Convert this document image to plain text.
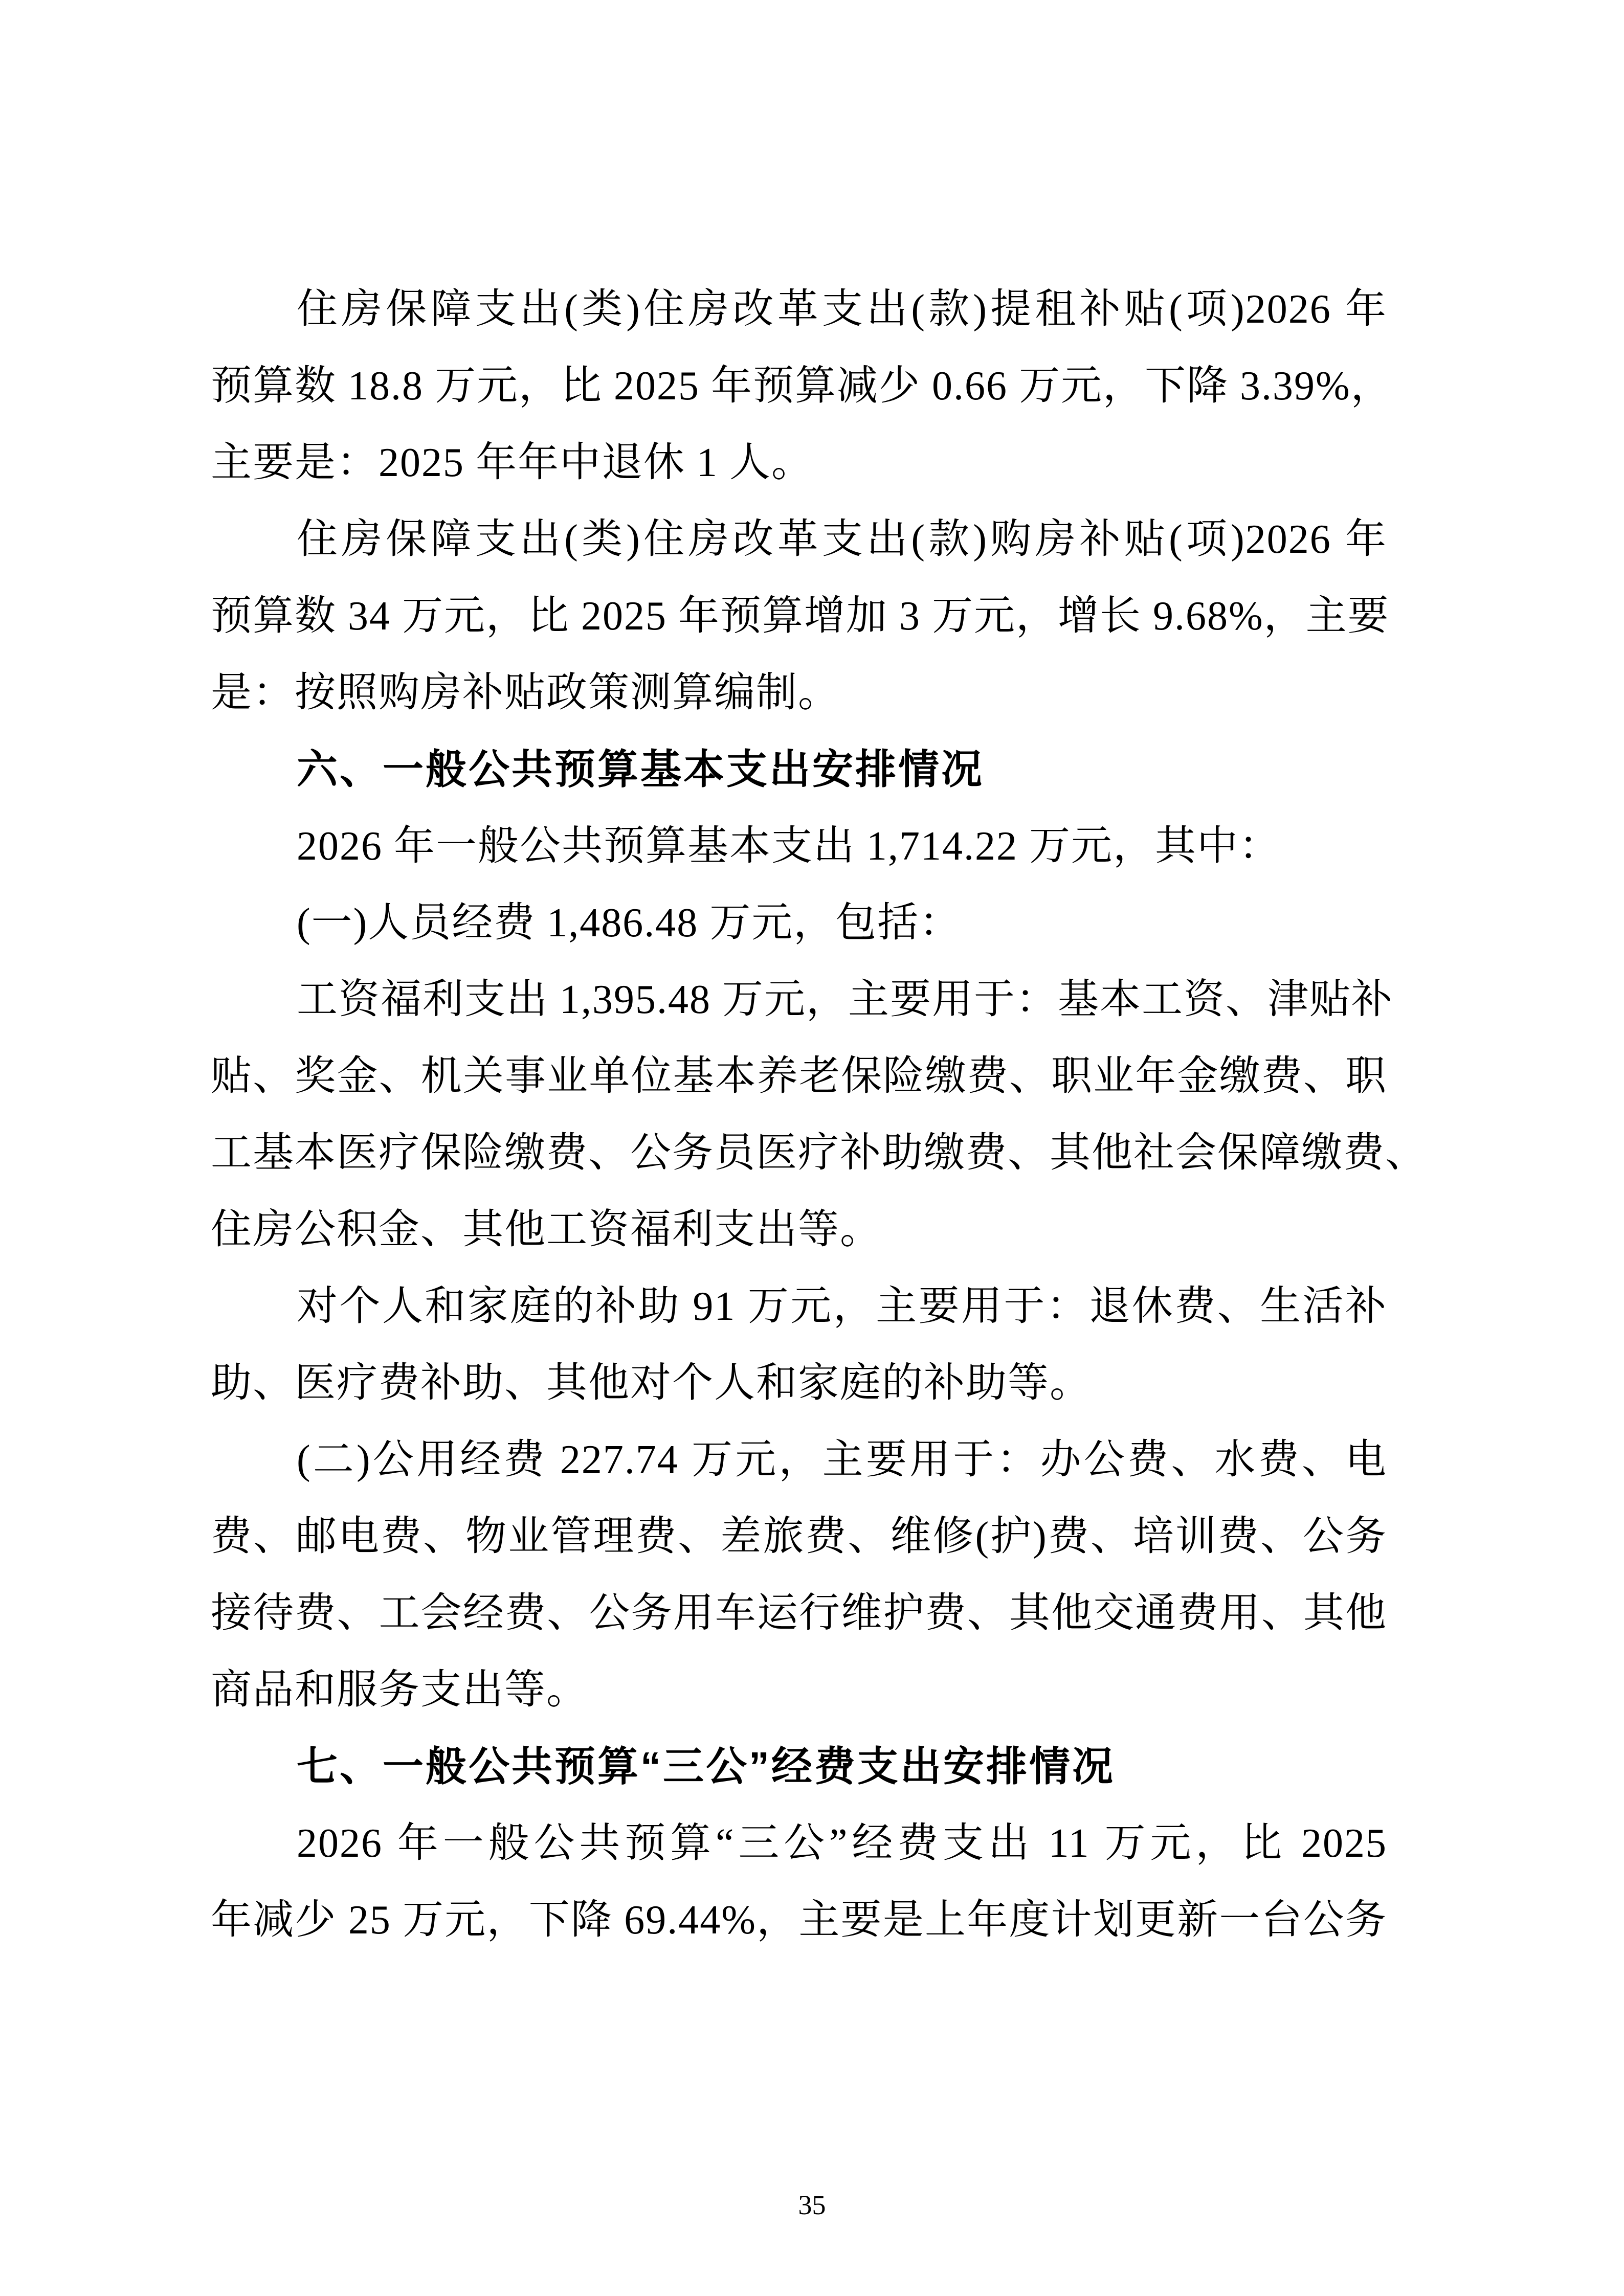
住房保障支出(类)住房改革支出(款)提租补贴(项)2026 年
预算数 18.8 万元，比 2025 年预算减少 0.66 万元，下降 3.39%，
主要是：2025 年年中退休 1 人。
住房保障支出(类)住房改革支出(款)购房补贴(项)2026 年
预算数 34 万元，比 2025 年预算增加 3 万元，增长 9.68%，主要
是：按照购房补贴政策测算编制。
六、一般公共预算基本支出安排情况
2026 年一般公共预算基本支出 1,714.22 万元，其中：
(一)人员经费 1,486.48 万元，包括：
工资福利支出 1,395.48 万元，主要用于：基本工资、津贴补
贴、奖金、机关事业单位基本养老保险缴费、职业年金缴费、职
工基本医疗保险缴费、公务员医疗补助缴费、其他社会保障缴费、
住房公积金、其他工资福利支出等。
对个人和家庭的补助 91 万元，主要用于：退休费、生活补
助、医疗费补助、其他对个人和家庭的补助等。
(二)公用经费 227.74 万元，主要用于：办公费、水费、电
费、邮电费、物业管理费、差旅费、维修(护)费、培训费、公务
接待费、工会经费、公务用车运行维护费、其他交通费用、其他
商品和服务支出等。
七、一般公共预算“三公”经费支出安排情况
2026 年一般公共预算“三公”经费支出 11 万元，比 2025
年减少 25 万元，下降 69.44%，主要是上年度计划更新一台公务
35
